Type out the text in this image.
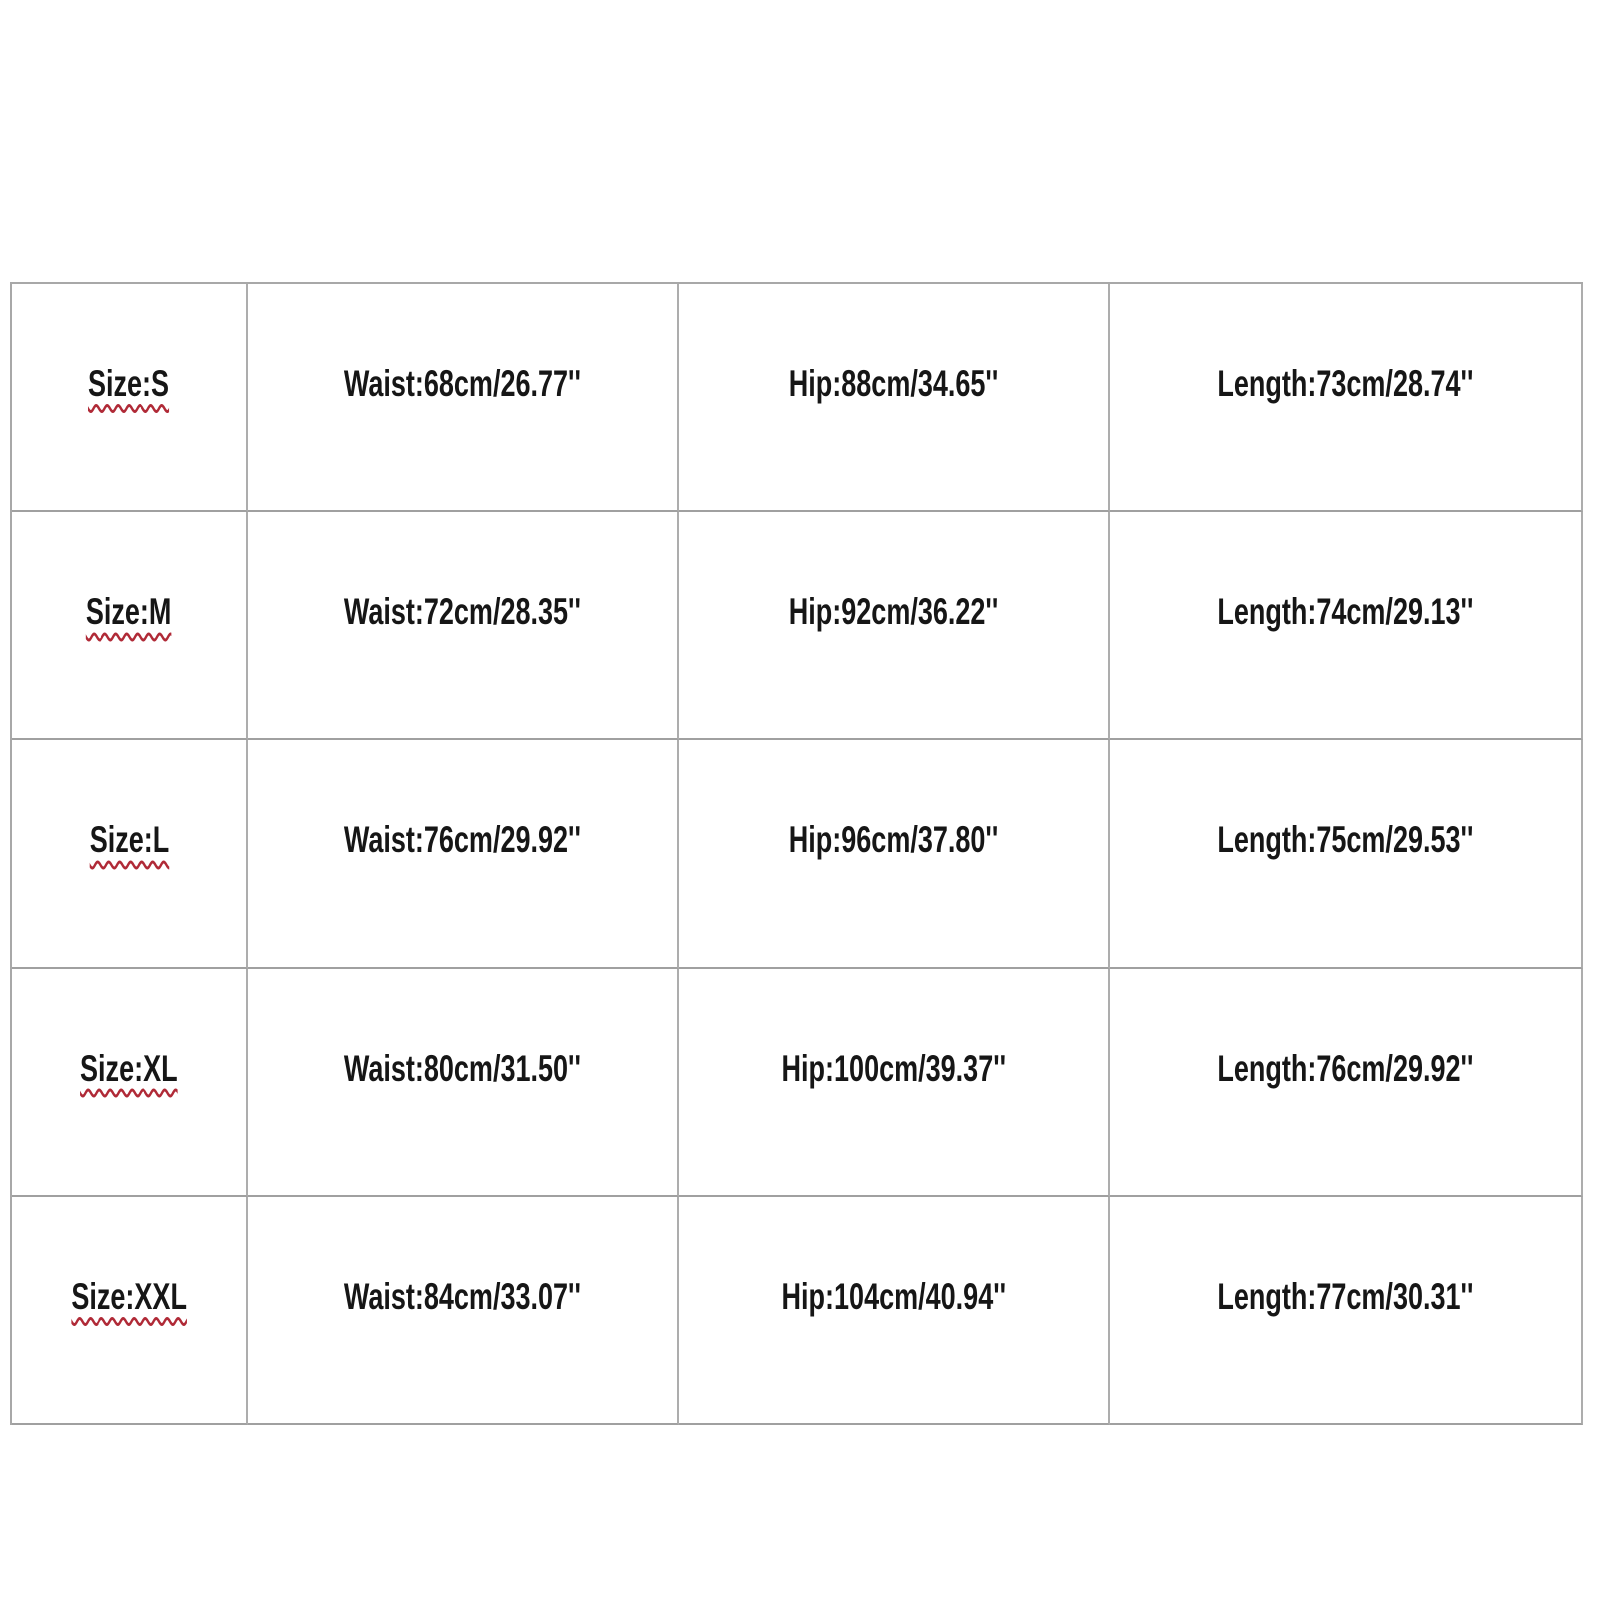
Size:S	Waist:68cm/26.77''	Hip:88cm/34.65''	Length:73cm/28.74''
Size:M	Waist:72cm/28.35''	Hip:92cm/36.22''	Length:74cm/29.13''
Size:L	Waist:76cm/29.92''	Hip:96cm/37.80''	Length:75cm/29.53''
Size:XL	Waist:80cm/31.50''	Hip:100cm/39.37''	Length:76cm/29.92''
Size:XXL	Waist:84cm/33.07''	Hip:104cm/40.94''	Length:77cm/30.31''
